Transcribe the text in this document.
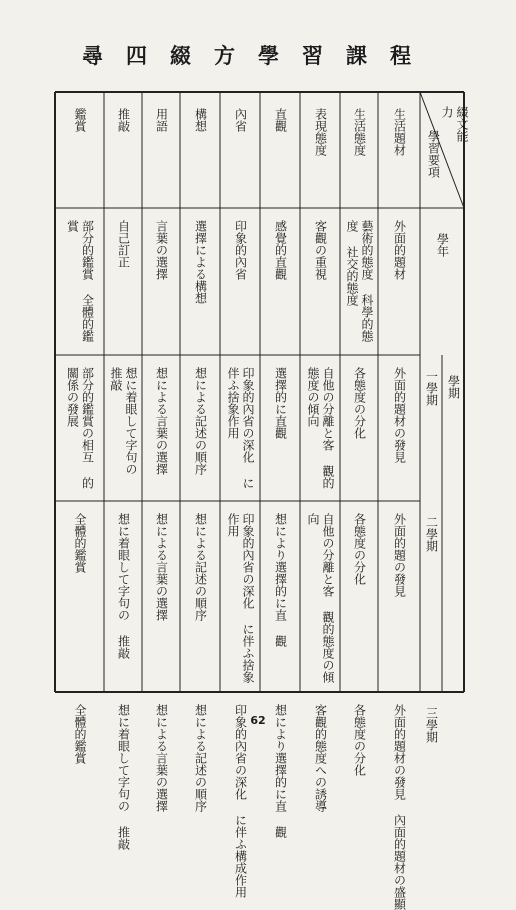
尋四綴方學習課程
綴文能力
學習要項
學年
一學期
二學期
三學期
學期
生活題材
外面的題材
外面的題材の發見
外面的題の發見
外面的題材の發見 內面的題材の盛顯
生活態度
藝術的態度 科學的態度 社交的態度
各態度の分化
各態度の分化
各態度の分化
表現態度
客觀の重視
自他の分離と客 觀的態度の傾向
自他の分離と客 觀的態度の傾向
客觀的態度への誘導
直觀
感覺的直觀
選擇的に直觀
想により選擇的に直 觀
想により選擇的に直 觀
內省
印象的內省
印象的內省の深化 に伴ふ捨象作用
印象的內省の深化 に伴ふ捨象作用
印象的內省の深化 に伴ふ構成作用
構想
選擇による構想
想による記述の順序
想による記述の順序
想による記述の順序
用語
言葉の選擇
想による言葉の選擇
想による言葉の選擇
想による言葉の選擇
推敲
自己訂正
想に着眼して字句の 推敲
想に着眼して字句の 推敲
想に着眼して字句の 推敲
鑑賞
部分的鑑賞 全體的鑑賞
部分的鑑賞の相互 的關係の發展
全體的鑑賞
全體的鑑賞	62
